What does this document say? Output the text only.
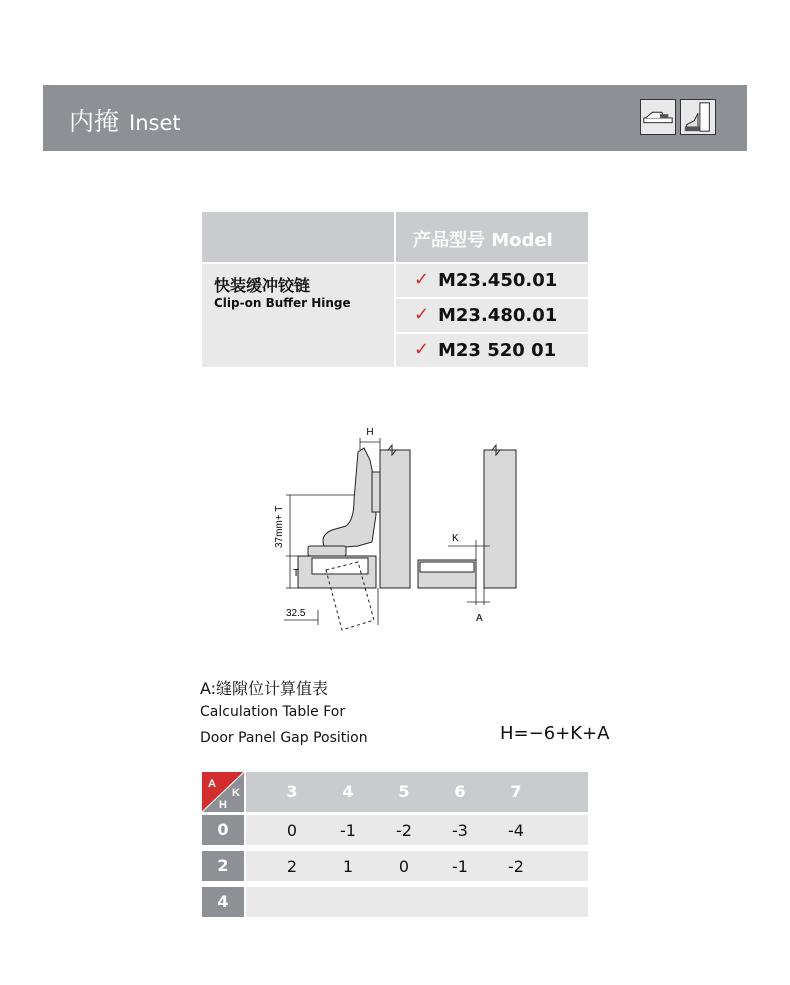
内掩 Inset
产品型号 Model
快装缓冲铰链
Clip-on Buffer Hinge
✓ M23.450.01
✓ M23.480.01
✓ M23 520 01
37mm+ T
T
H
32.5
K
A
A:缝隙位计算值表
Calculation Table For
Door Panel Gap Position	H=−6+K+A
A
K
H
3	4	5	6	7
0	0	-1	-2	-3	-4
2	2	1	0	-1	-2
4
